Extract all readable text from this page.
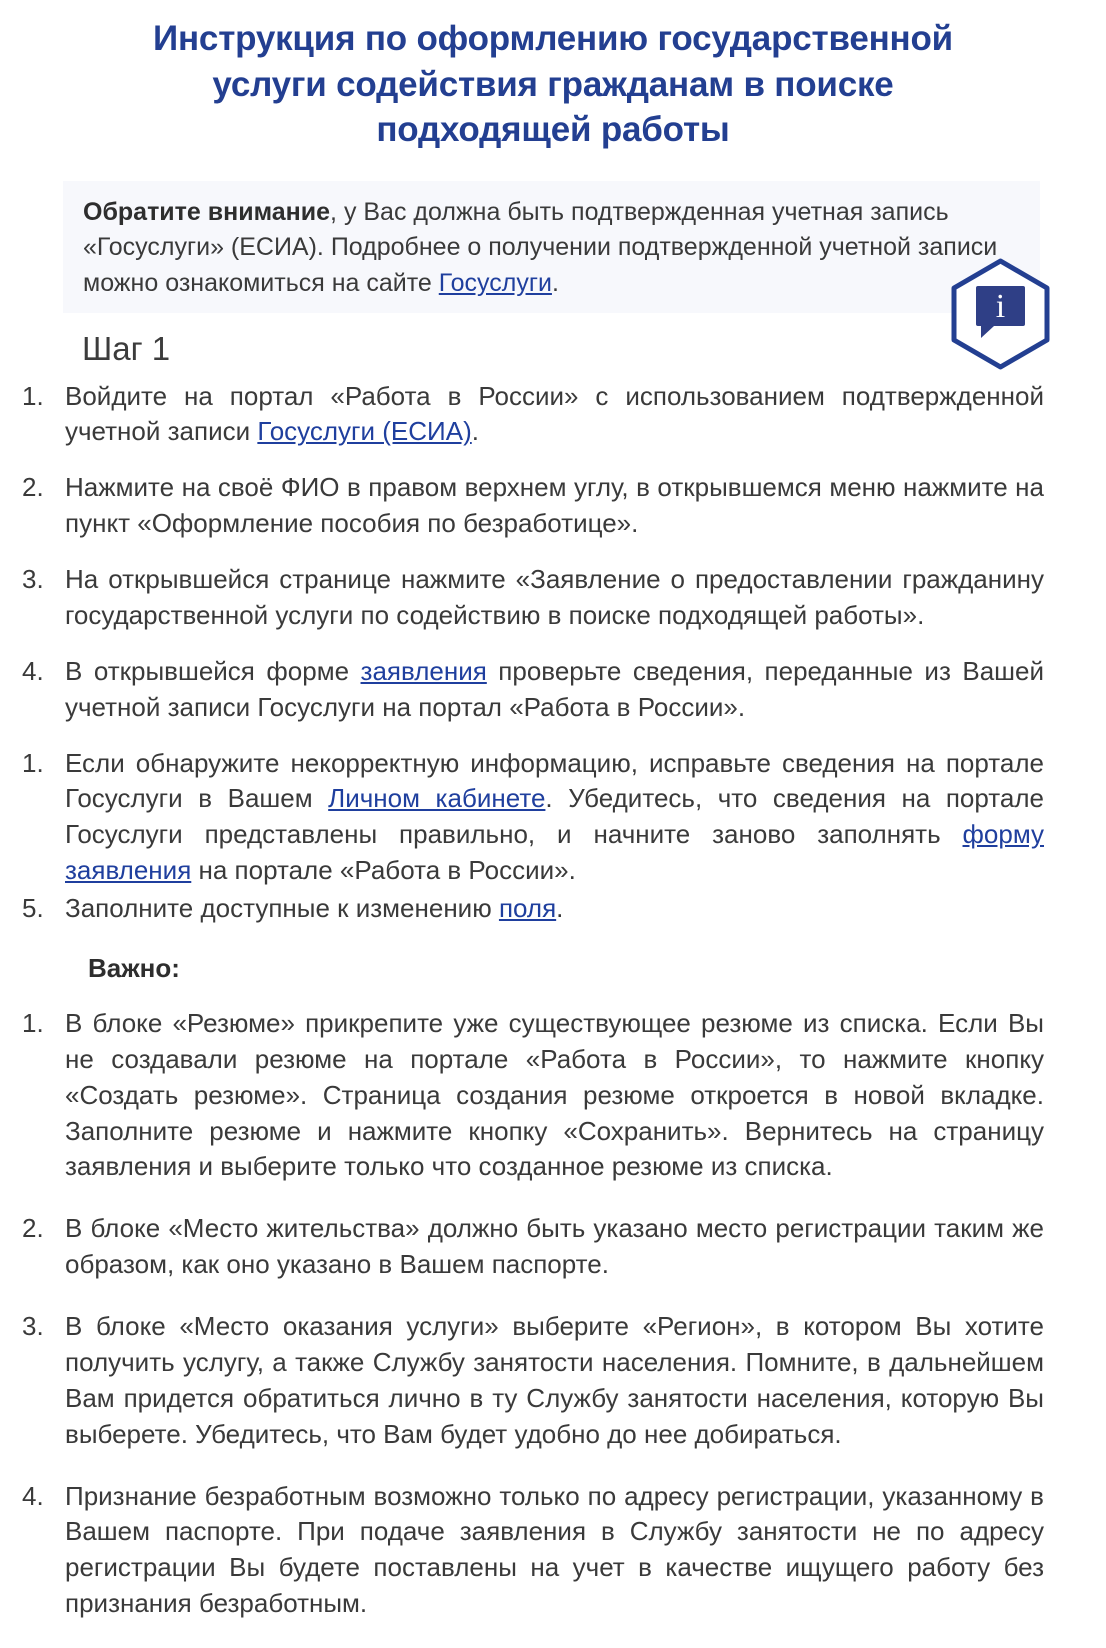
Инструкция по оформлению государственной услуги содействия гражданам в поиске подходящей работы
Обратите внимание, у Вас должна быть подтвержденная учетная запись «Госуслуги» (ЕСИА). Подробнее о получении подтвержденной учетной записи можно ознакомиться на сайте Госуслуги.
i
Шаг 1
1. Войдите на портал «Работа в России» с использованием подтвержденной учетной записи Госуслуги (ЕСИА).
2. Нажмите на своё ФИО в правом верхнем углу, в открывшемся меню нажмите на пункт «Оформление пособия по безработице».
3. На открывшейся странице нажмите «Заявление о предоставлении гражданину государственной услуги по содействию в поиске подходящей работы».
4. В открывшейся форме заявления проверьте сведения, переданные из Вашей учетной записи Госуслуги на портал «Работа в России».
1. Если обнаружите некорректную информацию, исправьте сведения на портале Госуслуги в Вашем Личном кабинете. Убедитесь, что сведения на портале Госуслуги представлены правильно, и начните заново заполнять форму заявления на портале «Работа в России».
5. Заполните доступные к изменению поля.
Важно:
1. В блоке «Резюме» прикрепите уже существующее резюме из списка. Если Вы не создавали резюме на портале «Работа в России», то нажмите кнопку «Создать резюме». Страница создания резюме откроется в новой вкладке. Заполните резюме и нажмите кнопку «Сохранить». Вернитесь на страницу заявления и выберите только что созданное резюме из списка.
2. В блоке «Место жительства» должно быть указано место регистрации таким же образом, как оно указано в Вашем паспорте.
3. В блоке «Место оказания услуги» выберите «Регион», в котором Вы хотите получить услугу, а также Службу занятости населения. Помните, в дальнейшем Вам придется обратиться лично в ту Службу занятости населения, которую Вы выберете. Убедитесь, что Вам будет удобно до нее добираться.
4. Признание безработным возможно только по адресу регистрации, указанному в Вашем паспорте. При подаче заявления в Службу занятости не по адресу регистрации Вы будете поставлены на учет в качестве ищущего работу без признания безработным.
